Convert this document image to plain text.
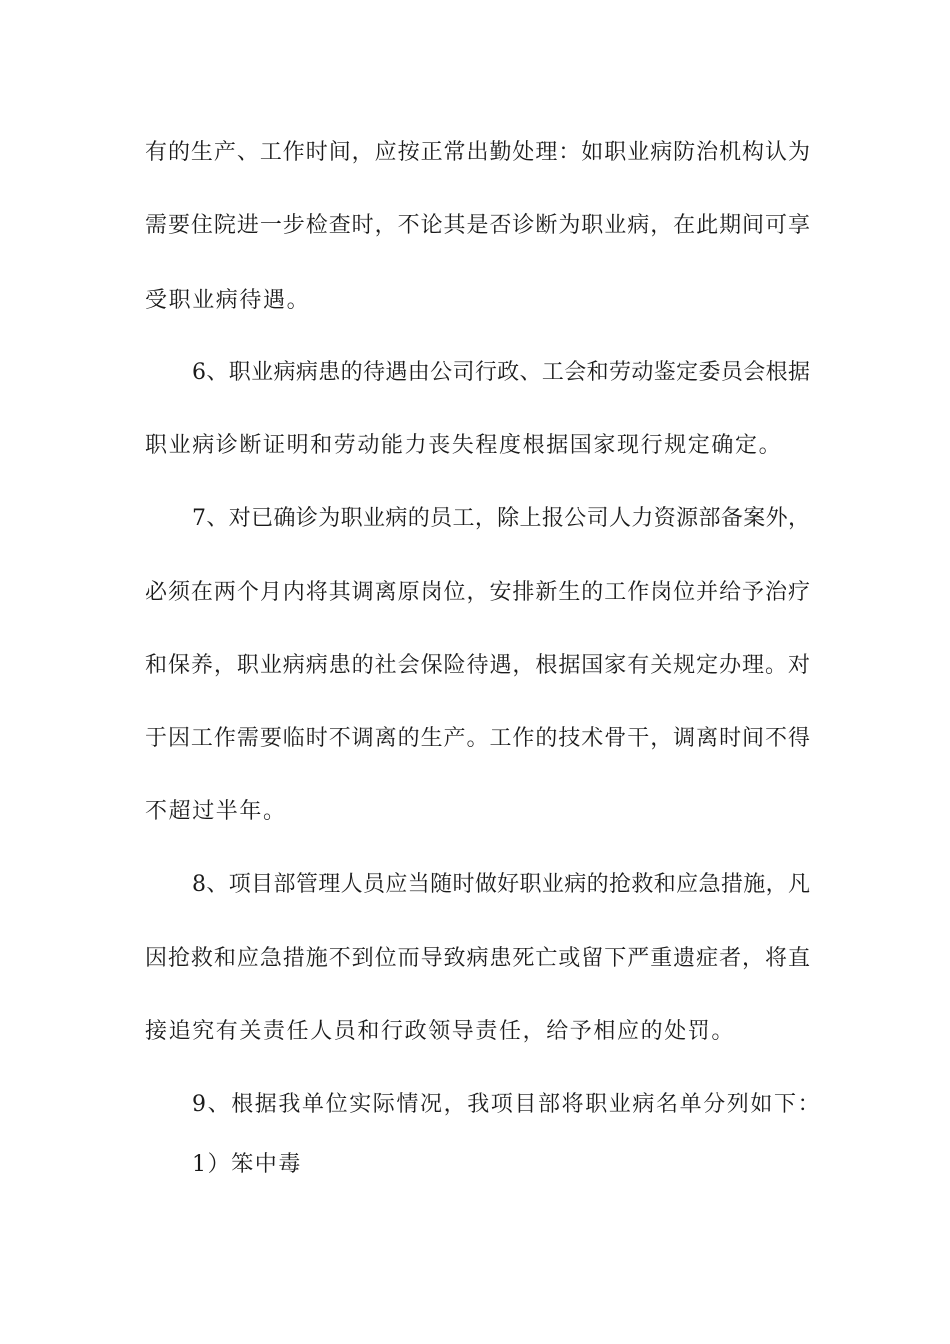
有的生产、工作时间，应按正常出勤处理：如职业病防治机构认为
需要住院进一步检查时，不论其是否诊断为职业病，在此期间可享
受职业病待遇。
6、职业病病患的待遇由公司行政、工会和劳动鉴定委员会根据
职业病诊断证明和劳动能力丧失程度根据国家现行规定确定。
7、对已确诊为职业病的员工，除上报公司人力资源部备案外，
必须在两个月内将其调离原岗位，安排新生的工作岗位并给予治疗
和保养，职业病病患的社会保险待遇，根据国家有关规定办理。对
于因工作需要临时不调离的生产。工作的技术骨干，调离时间不得
不超过半年。
8、项目部管理人员应当随时做好职业病的抢救和应急措施，凡
因抢救和应急措施不到位而导致病患死亡或留下严重遗症者，将直
接追究有关责任人员和行政领导责任，给予相应的处罚。
9、根据我单位实际情况，我项目部将职业病名单分列如下：
1）笨中毒
